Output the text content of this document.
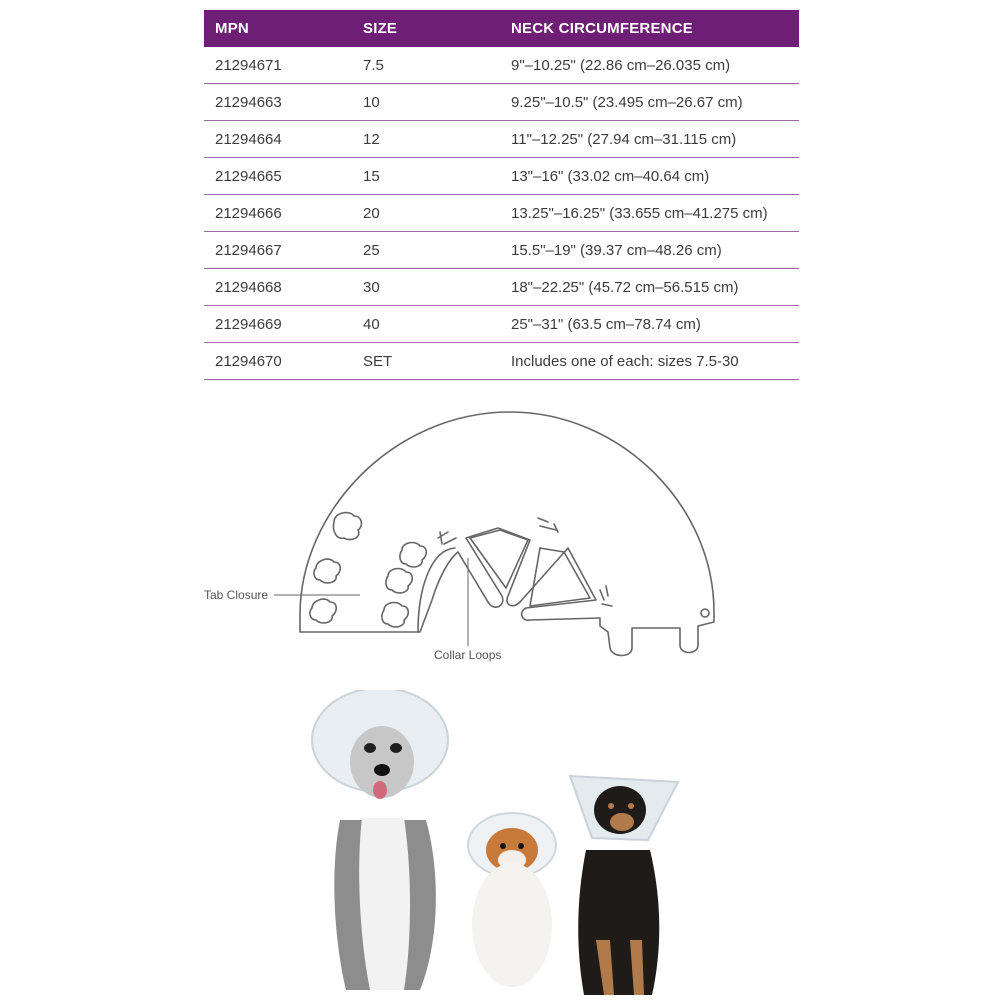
MPN	SIZE	NECK CIRCUMFERENCE
21294671	7.5	9"–10.25" (22.86 cm–26.035 cm)
21294663	10	9.25"–10.5" (23.495 cm–26.67 cm)
21294664	12	11"–12.25" (27.94 cm–31.115 cm)
21294665	15	13"–16" (33.02 cm–40.64 cm)
21294666	20	13.25"–16.25" (33.655 cm–41.275 cm)
21294667	25	15.5"–19" (39.37 cm–48.26 cm)
21294668	30	18"–22.25" (45.72 cm–56.515 cm)
21294669	40	25"–31" (63.5 cm–78.74 cm)
21294670	SET	Includes one of each: sizes 7.5-30
Tab Closure
Collar Loops
